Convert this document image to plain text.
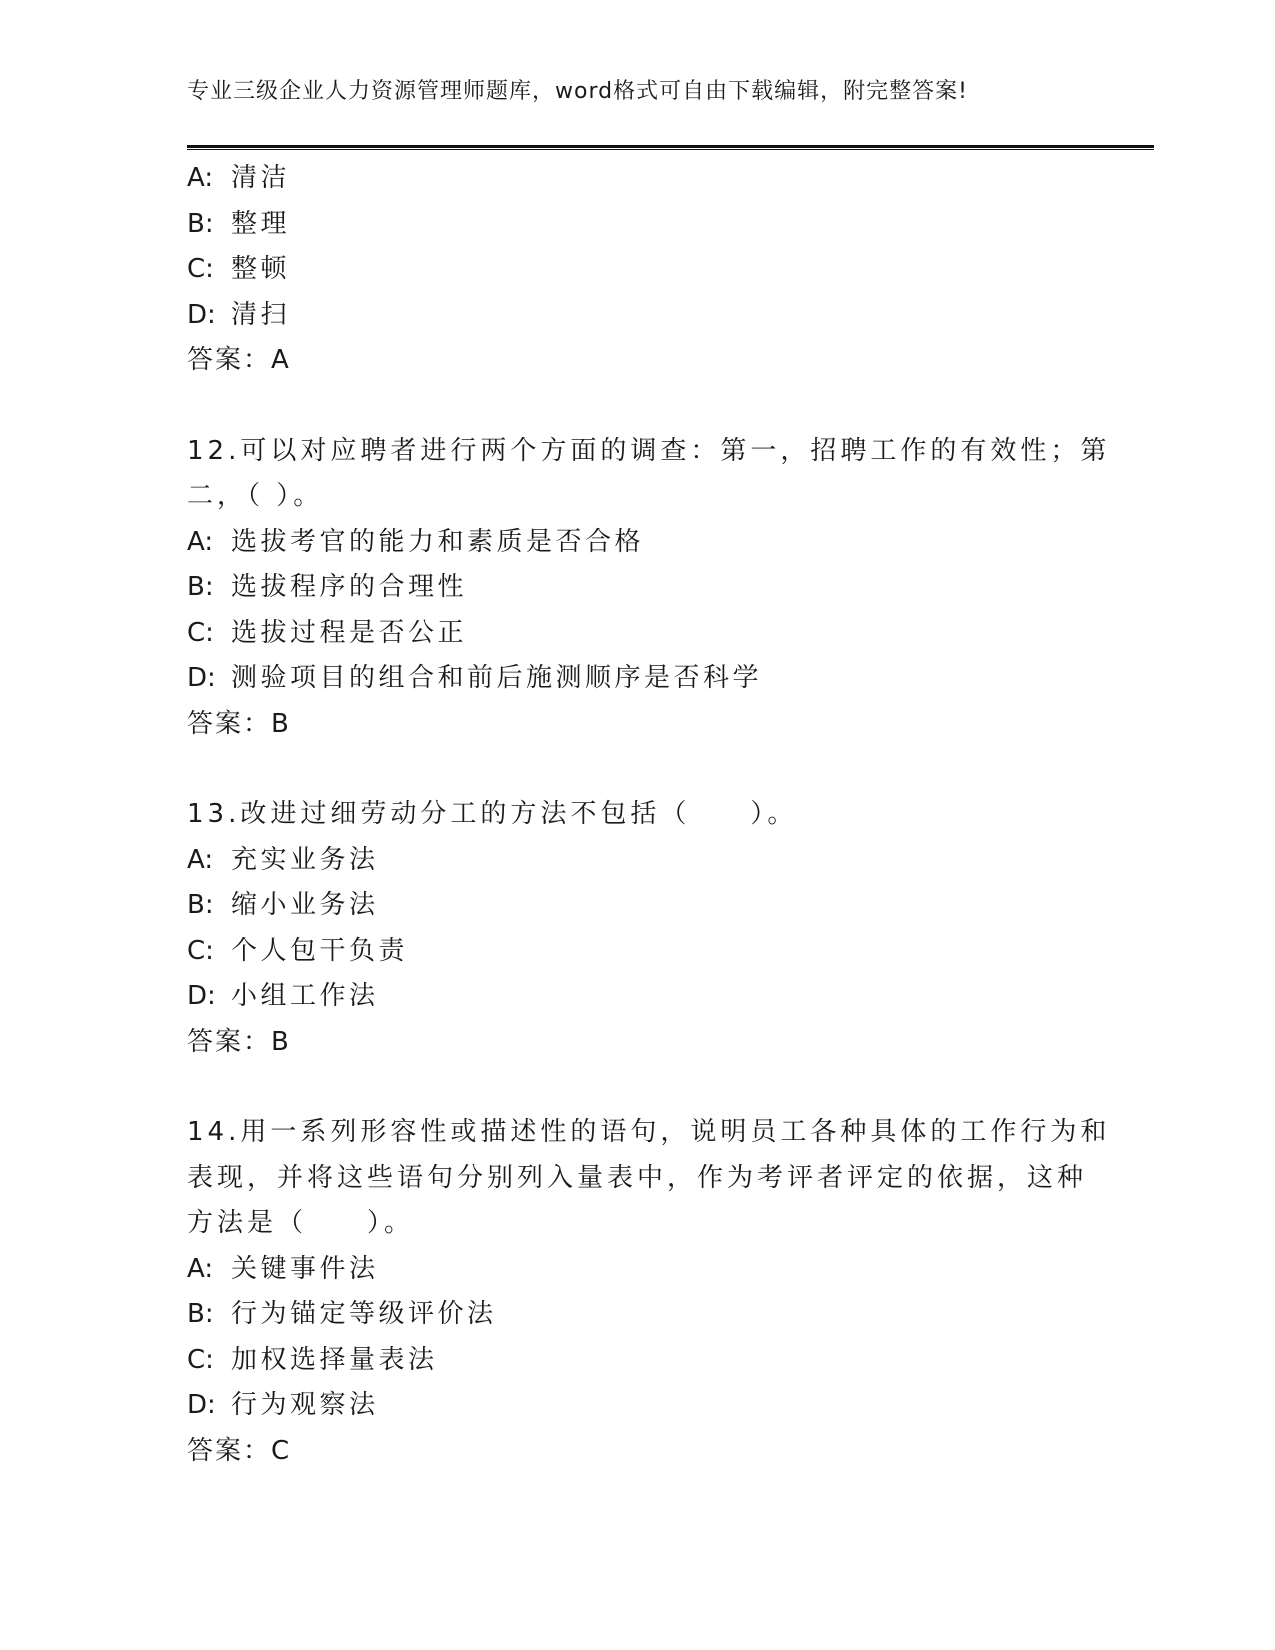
专业三级企业人力资源管理师题库，word格式可自由下载编辑，附完整答案!
A: 清洁
B: 整理
C: 整顿
D: 清扫
答案：A
12.可以对应聘者进行两个方面的调查：第一，招聘工作的有效性；第
二，（ ）。
A: 选拔考官的能力和素质是否合格
B: 选拔程序的合理性
C: 选拔过程是否公正
D: 测验项目的组合和前后施测顺序是否科学
答案：B
13.改进过细劳动分工的方法不包括（　　）。
A: 充实业务法
B: 缩小业务法
C: 个人包干负责
D: 小组工作法
答案：B
14.用一系列形容性或描述性的语句，说明员工各种具体的工作行为和
表现，并将这些语句分别列入量表中，作为考评者评定的依据，这种
方法是（　　）。
A: 关键事件法
B: 行为锚定等级评价法
C: 加权选择量表法
D: 行为观察法
答案：C
